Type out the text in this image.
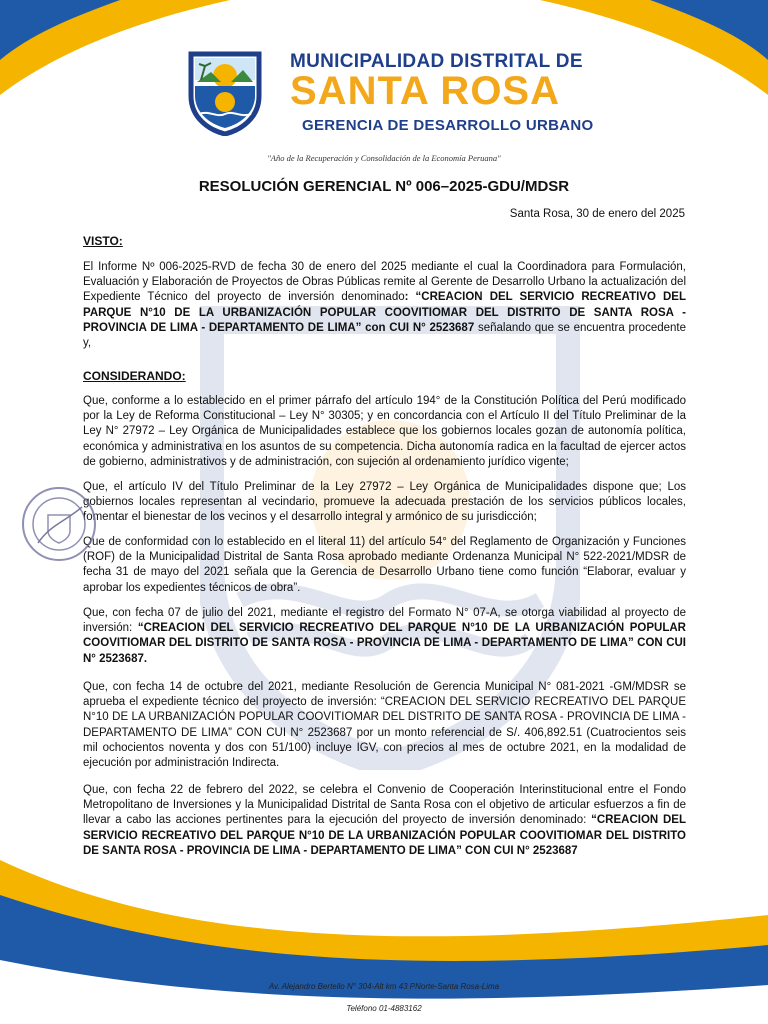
MUNICIPALIDAD DISTRITAL DE
SANTA ROSA
GERENCIA DE DESARROLLO URBANO
"Año de la Recuperación y Consolidación de la Economía Peruana"
RESOLUCIÓN GERENCIAL Nº 006–2025-GDU/MDSR
Santa Rosa, 30 de enero del 2025
VISTO:
El Informe Nº 006-2025-RVD de fecha 30 de enero del 2025 mediante el cual la Coordinadora para Formulación, Evaluación y Elaboración de Proyectos de Obras Públicas remite al Gerente de Desarrollo Urbano la actualización del Expediente Técnico del proyecto de inversión denominado: “CREACION DEL SERVICIO RECREATIVO DEL PARQUE N°10 DE LA URBANIZACIÓN POPULAR COOVITIOMAR DEL DISTRITO DE SANTA ROSA - PROVINCIA DE LIMA - DEPARTAMENTO DE LIMA” con CUI N° 2523687 señalando que se encuentra procedente y,
CONSIDERANDO:
Que, conforme a lo establecido en el primer párrafo del artículo 194° de la Constitución Política del Perú modificado por la Ley de Reforma Constitucional – Ley N° 30305; y en concordancia con el Artículo II del Título Preliminar de la Ley N° 27972 – Ley Orgánica de Municipalidades establece que los gobiernos locales gozan de autonomía política, económica y administrativa en los asuntos de su competencia. Dicha autonomía radica en la facultad de ejercer actos de gobierno, administrativos y de administración, con sujeción al ordenamiento jurídico vigente;
Que, el artículo IV del Título Preliminar de la Ley 27972 – Ley Orgánica de Municipalidades dispone que; Los gobiernos locales representan al vecindario, promueve la adecuada prestación de los servicios públicos locales, fomentar el bienestar de los vecinos y el desarrollo integral y armónico de su jurisdicción;
Que de conformidad con lo establecido en el literal 11) del artículo 54° del Reglamento de Organización y Funciones (ROF) de la Municipalidad Distrital de Santa Rosa aprobado mediante Ordenanza Municipal N° 522-2021/MDSR de fecha 31 de mayo del 2021 señala que la Gerencia de Desarrollo Urbano tiene como función “Elaborar, evaluar y aprobar los expedientes técnicos de obra”.
Que, con fecha 07 de julio del 2021, mediante el registro del Formato N° 07-A, se otorga viabilidad al proyecto de inversión: “CREACION DEL SERVICIO RECREATIVO DEL PARQUE N°10 DE LA URBANIZACIÓN POPULAR COOVITIOMAR DEL DISTRITO DE SANTA ROSA - PROVINCIA DE LIMA - DEPARTAMENTO DE LIMA” CON CUI N° 2523687.
Que, con fecha 14 de octubre del 2021, mediante Resolución de Gerencia Municipal N° 081-2021 -GM/MDSR se aprueba el expediente técnico del proyecto de inversión: “CREACION DEL SERVICIO RECREATIVO DEL PARQUE N°10 DE LA URBANIZACIÓN POPULAR COOVITIOMAR DEL DISTRITO DE SANTA ROSA - PROVINCIA DE LIMA - DEPARTAMENTO DE LIMA” CON CUI N° 2523687 por un monto referencial de S/. 406,892.51 (Cuatrocientos seis mil ochocientos noventa y dos con 51/100) incluye IGV, con precios al mes de octubre 2021, en la modalidad de ejecución por administración Indirecta.
Que, con fecha 22 de febrero del 2022, se celebra el Convenio de Cooperación Interinstitucional entre el Fondo Metropolitano de Inversiones y la Municipalidad Distrital de Santa Rosa con el objetivo de articular esfuerzos a fin de llevar a cabo las acciones pertinentes para la ejecución del proyecto de inversión denominado: “CREACION DEL SERVICIO RECREATIVO DEL PARQUE N°10 DE LA URBANIZACIÓN POPULAR COOVITIOMAR DEL DISTRITO DE SANTA ROSA - PROVINCIA DE LIMA - DEPARTAMENTO DE LIMA” CON CUI N° 2523687
Av. Alejandro Bertello N° 304-Alt km 43 PNorte-Santa Rosa-Lima
Teléfono 01-4883162
